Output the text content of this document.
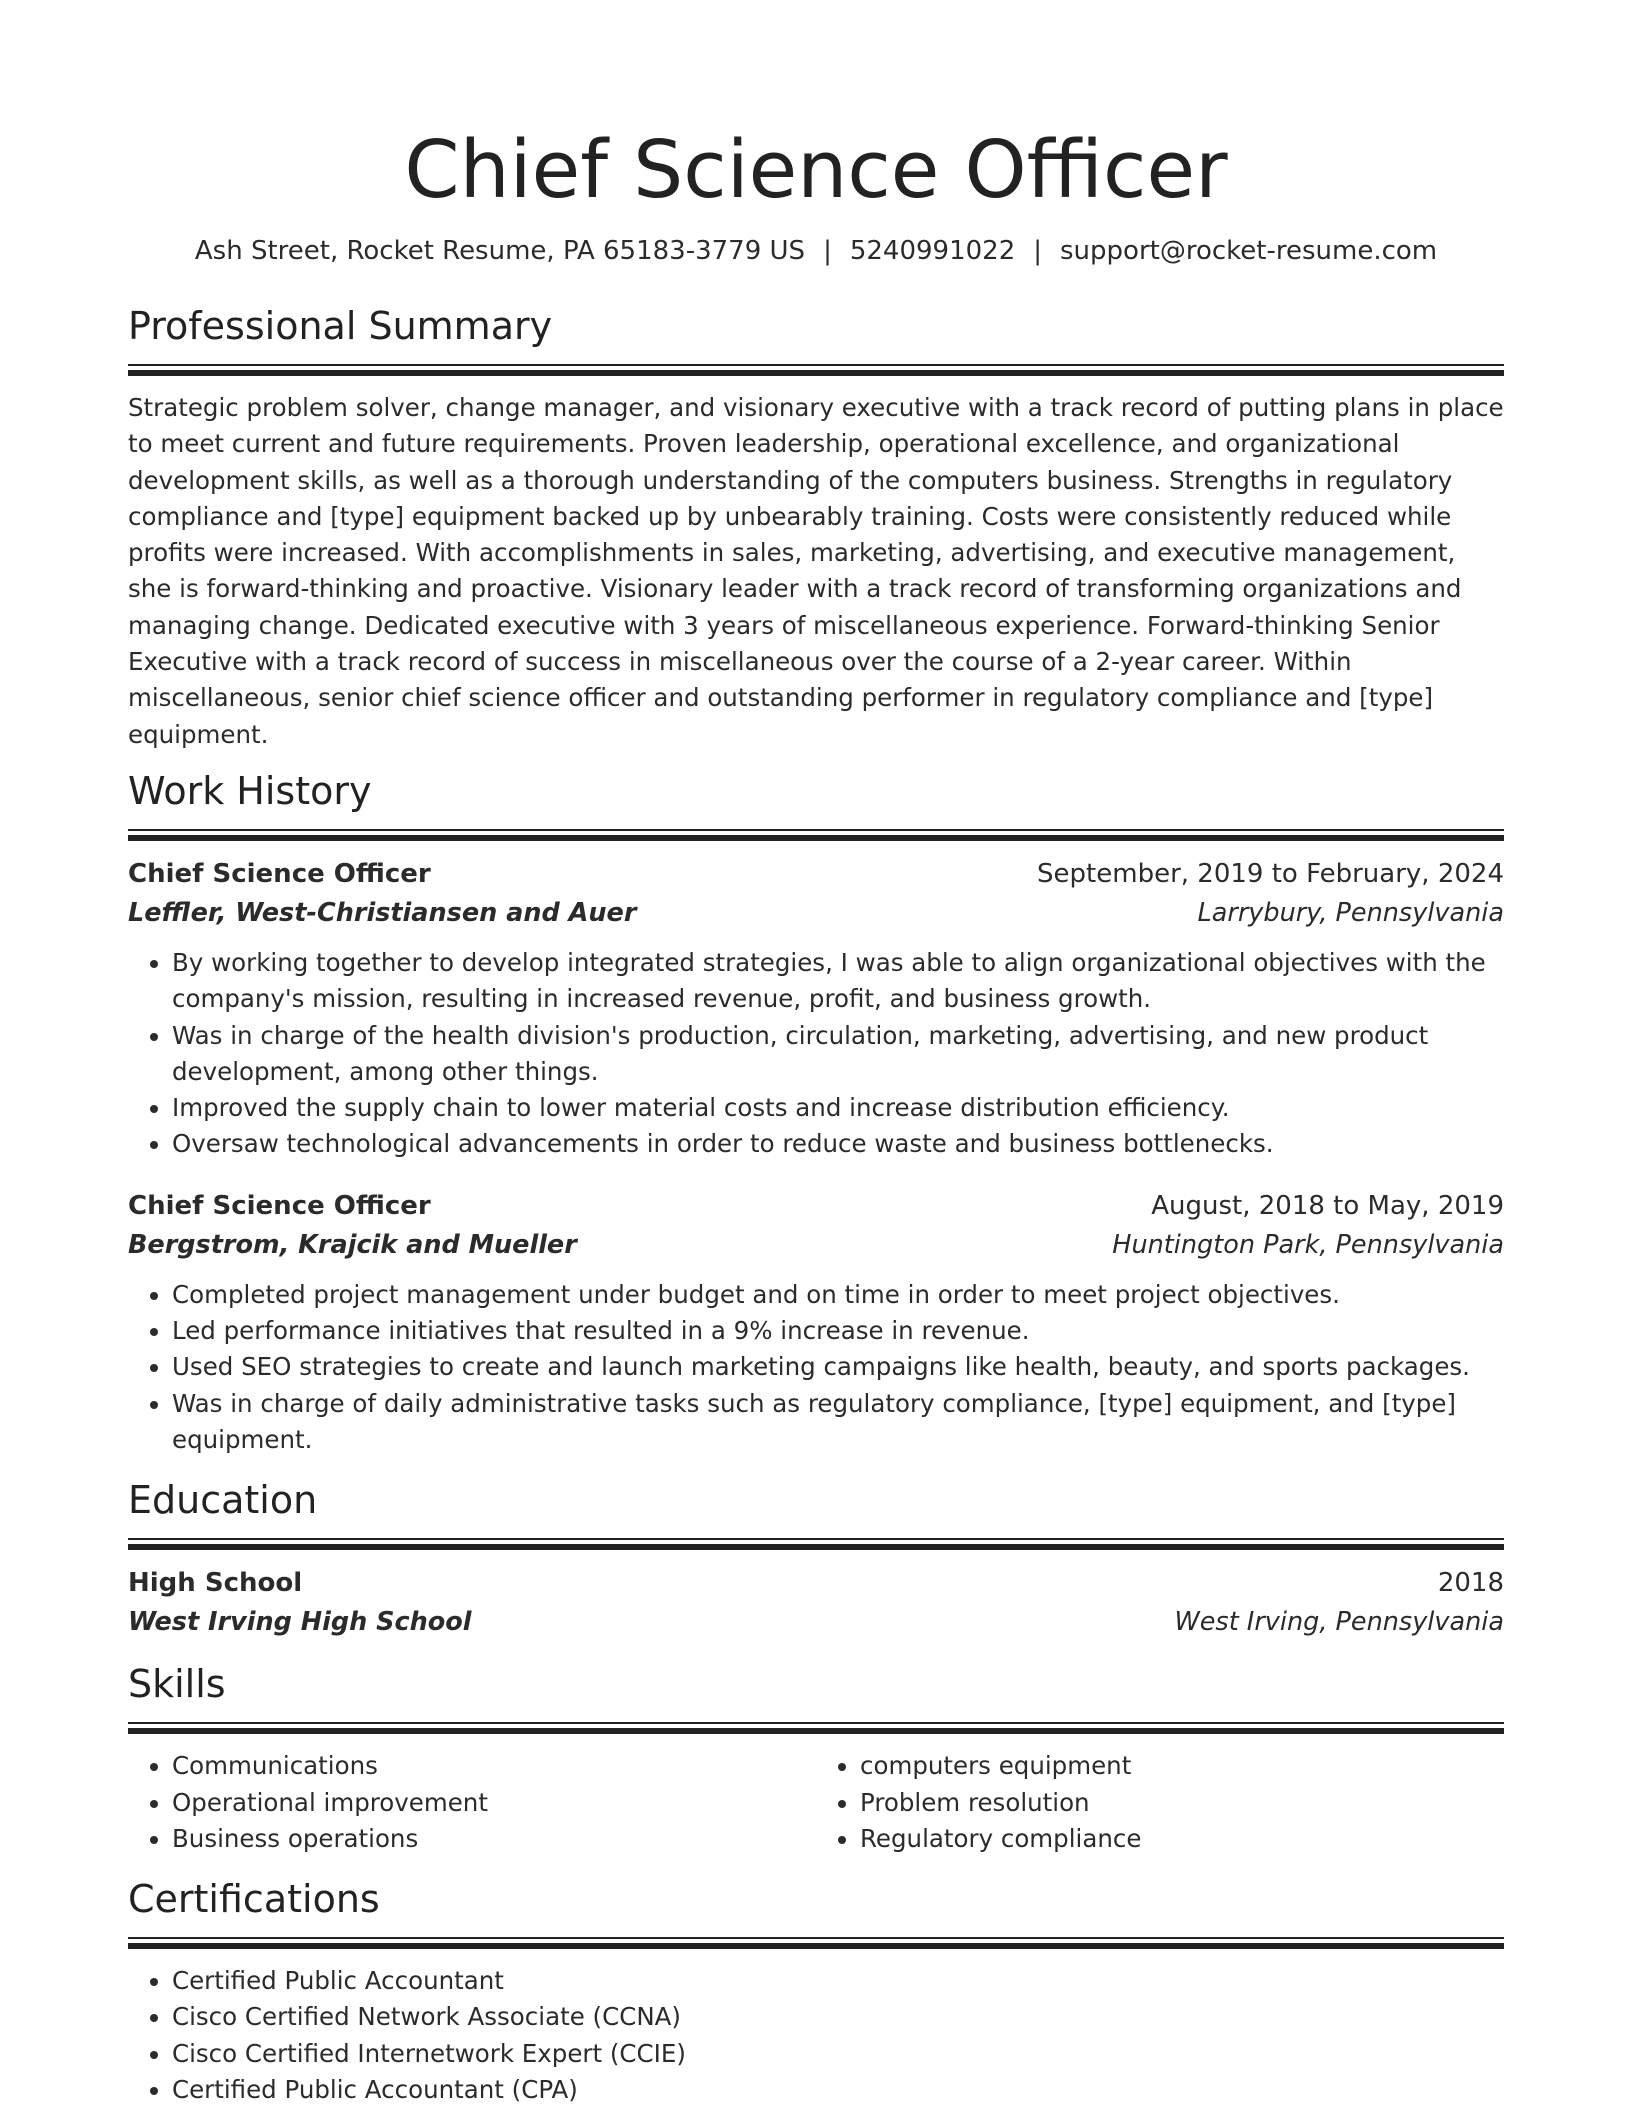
Chief Science Officer
Ash Street, Rocket Resume, PA 65183-3779 US | 5240991022 | support@rocket-resume.com
Professional Summary

Strategic problem solver, change manager, and visionary executive with a track record of putting plans in place to meet current and future requirements. Proven leadership, operational excellence, and organizational development skills, as well as a thorough understanding of the computers business. Strengths in regulatory compliance and [type] equipment backed up by unbearably training. Costs were consistently reduced while profits were increased. With accomplishments in sales, marketing, advertising, and executive management, she is forward-thinking and proactive. Visionary leader with a track record of transforming organizations and managing change. Dedicated executive with 3 years of miscellaneous experience. Forward-thinking Senior Executive with a track record of success in miscellaneous over the course of a 2-year career. Within miscellaneous, senior chief science officer and outstanding performer in regulatory compliance and [type] equipment.

Work History
Chief Science Officer	September, 2019 to February, 2024
Leffler, West-Christiansen and Auer	Larrybury, Pennsylvania
• By working together to develop integrated strategies, I was able to align organizational objectives with the company's mission, resulting in increased revenue, profit, and business growth.
• Was in charge of the health division's production, circulation, marketing, advertising, and new product development, among other things.
• Improved the supply chain to lower material costs and increase distribution efficiency.
• Oversaw technological advancements in order to reduce waste and business bottlenecks.
Chief Science Officer	August, 2018 to May, 2019
Bergstrom, Krajcik and Mueller	Huntington Park, Pennsylvania
• Completed project management under budget and on time in order to meet project objectives.
• Led performance initiatives that resulted in a 9% increase in revenue.
• Used SEO strategies to create and launch marketing campaigns like health, beauty, and sports packages.
• Was in charge of daily administrative tasks such as regulatory compliance, [type] equipment, and [type] equipment.
Education
High School	2018
West Irving High School	West Irving, Pennsylvania
Skills
• Communications
• Operational improvement
• Business operations
• computers equipment
• Problem resolution
• Regulatory compliance
Certifications
• Certified Public Accountant
• Cisco Certified Network Associate (CCNA)
• Cisco Certified Internetwork Expert (CCIE)
• Certified Public Accountant (CPA)
